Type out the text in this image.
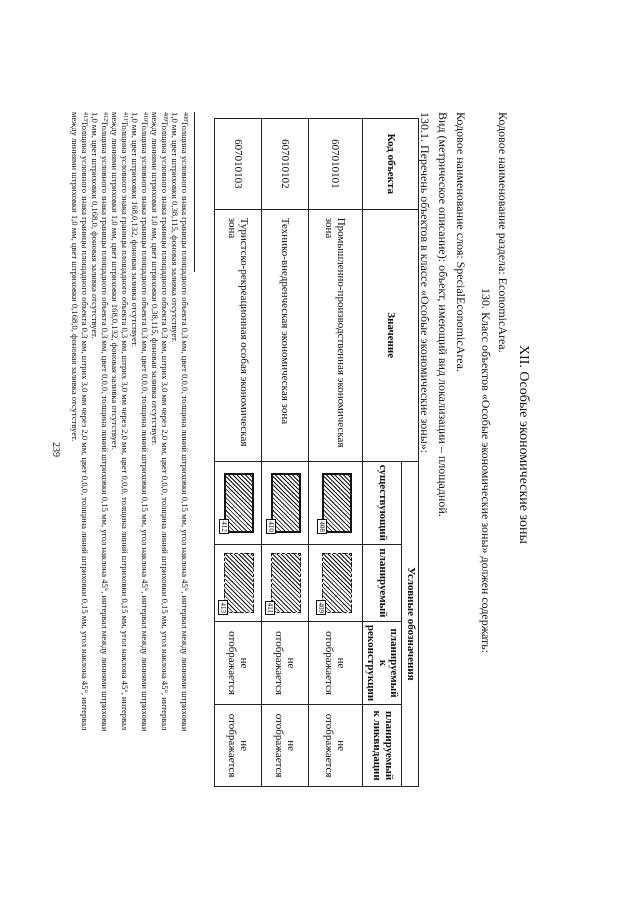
239	XII. Особые экономические зоны
Кодовое наименование раздела: EconomicArea.
130. Класс объектов «Особые экономические зоны» должен содержать:
Кодовое наименование слоя: SpecialEconomicArea.
Вид (метрическое описание): объект, имеющий вид локализации – площадной.
130.1. Перечень объектов в классе «Особые экономические зоны»:
Код объекта	Значение	Условные обозначения			
		существующий	планируемый	планируемый к реконструкции	планируемый к ликвидации
607010101	Промышленно-производственная экономическая зона	408	409	не отображается	не отображается
607010102	Технико-внедренческая экономическая зона	410	411	не отображается	не отображается
607010103	Туристско-рекреационная особая экономическая зона	412	413	не отображается	не отображается
$^{408}$Толщина условного знака границы площадного объекта 0,3 мм, цвет 0,0,0, толщина линий штриховки 0,15 мм, угол наклона 45°, интервал между линиями штриховки
1,0 мм, цвет штриховки 0,38,115, фоновая заливка отсутствует.
$^{409}$Толщина условного знака границы площадного объекта 0,3 мм, штрих 3,0 мм через 2,0 мм, цвет 0,0,0, толщина линий штриховки 0,15 мм, угол наклона 45°, интервал
между линиями штриховки 1,0 мм, цвет штриховки 0,38,115, фоновая заливка отсутствует.
$^{410}$Толщина условного знака границы площадного объекта 0,3 мм, цвет 0,0,0, толщина линий штриховки 0,15 мм, угол наклона 45°, интервал между линиями штриховки
1,0 мм, цвет штриховки 168,0,132, фоновая заливка отсутствует.
$^{411}$Толщина условного знака границы площадного объекта 0,3 мм, штрих 3,0 мм через 2,0 мм, цвет 0,0,0, толщина линий штриховки 0,15 мм, угол наклона 45°, интервал
между линиями штриховки 1,0 мм, цвет штриховки 168,0,132, фоновая заливка отсутствует.
$^{412}$Толщина условного знака границы площадного объекта 0,3 мм, цвет 0,0,0, толщина линий штриховки 0,15 мм, угол наклона 45°, интервал между линиями штриховки
1,0 мм, цвет штриховки 0,168,0, фоновая заливка отсутствует.
$^{413}$Толщина условного знака границы площадного объекта 0,3 мм, штрих 3,0 мм через 2,0 мм, цвет 0,0,0, толщина линий штриховки 0,15 мм, угол наклона 45°, интервал
между линиями штриховки 1,0 мм, цвет штриховки 0,168,0, фоновая заливка отсутствует.
